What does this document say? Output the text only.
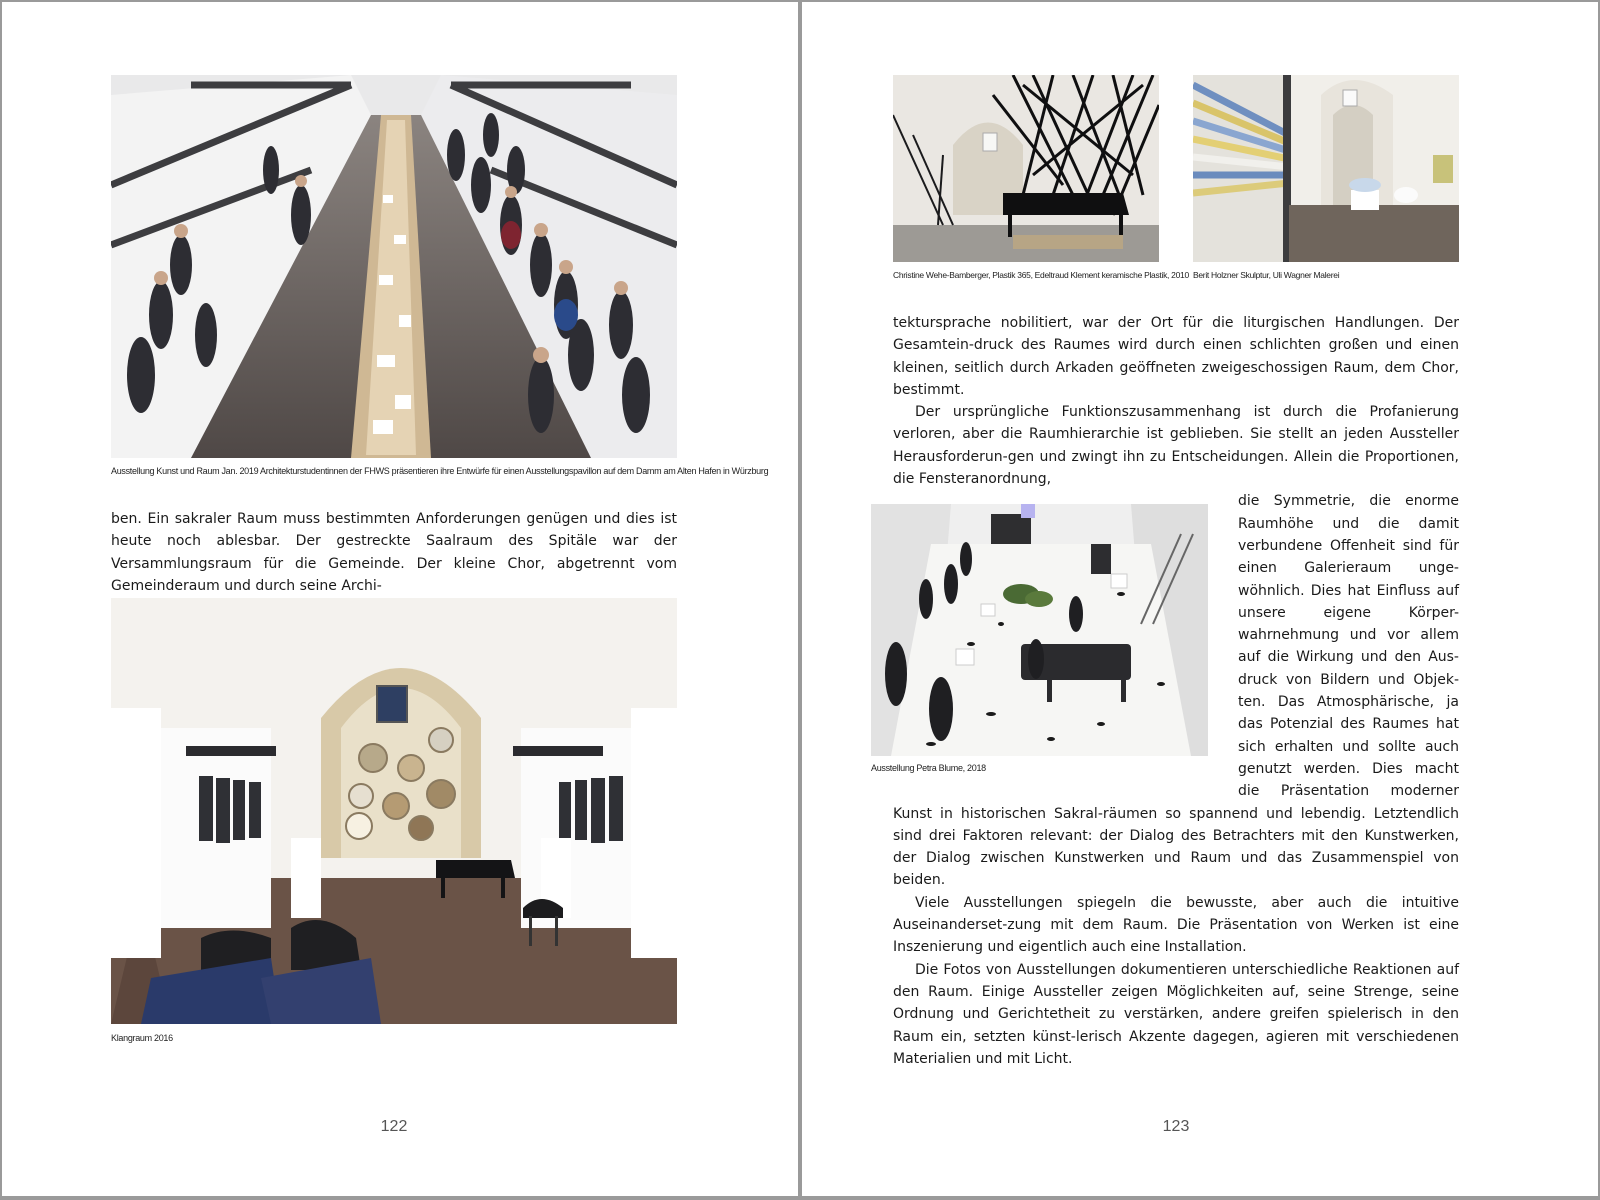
Ausstellung Kunst und Raum Jan. 2019 Architekturstudentinnen der FHWS präsentieren ihre Entwürfe für einen Ausstellungspavillon auf dem Damm am Alten Hafen in Würzburg

ben. Ein sakraler Raum muss bestimmten Anforderungen genügen und dies ist heute noch ablesbar. Der gestreckte Saalraum des Spitäle war der Versammlungsraum für die Gemeinde. Der kleine Chor, abgetrennt vom Gemeinderaum und durch seine Archi-

Klangraum 2016
122
Christine Wehe-Bamberger, Plastik 365, Edeltraud Klement keramische Plastik, 2010 Berit Holzner Skulptur, Uli Wagner Malerei

tektursprache nobilitiert, war der Ort für die liturgischen Handlungen. Der Gesamtein-druck des Raumes wird durch einen schlichten großen und einen kleinen, seitlich durch Arkaden geöffneten zweigeschossigen Raum, dem Chor, bestimmt.

Der ursprüngliche Funktionszusammenhang ist durch die Profanierung verloren, aber die Raumhierarchie ist geblieben. Sie stellt an jeden Aussteller Herausforderun-gen und zwingt ihn zu Entscheidungen. Allein die Proportionen, die Fensteranordnung,

Ausstellung Petra Blume, 2018

die Symmetrie, die enorme Raumhöhe und die damit verbundene Offenheit sind für einen Galerieraum unge-wöhnlich. Dies hat Einfluss auf unsere eigene Körper-wahrnehmung und vor allem auf die Wirkung und den Aus-druck von Bildern und Objek-ten. Das Atmosphärische, ja das Potenzial des Raumes hat sich erhalten und sollte auch genutzt werden. Dies macht die Präsentation moderner Kunst in historischen Sakral-räumen so spannend und lebendig. Letztendlich sind drei Faktoren relevant: der Dialog des Betrachters mit den Kunstwerken, der Dialog zwischen Kunstwerken und Raum und das Zusammenspiel von beiden.

Viele Ausstellungen spiegeln die bewusste, aber auch die intuitive Auseinanderset-zung mit dem Raum. Die Präsentation von Werken ist eine Inszenierung und eigentlich auch eine Installation.

Die Fotos von Ausstellungen dokumentieren unterschiedliche Reaktionen auf den Raum. Einige Aussteller zeigen Möglichkeiten auf, seine Strenge, seine Ordnung und Gerichtetheit zu verstärken, andere greifen spielerisch in den Raum ein, setzten künst-lerisch Akzente dagegen, agieren mit verschiedenen Materialien und mit Licht.

123
